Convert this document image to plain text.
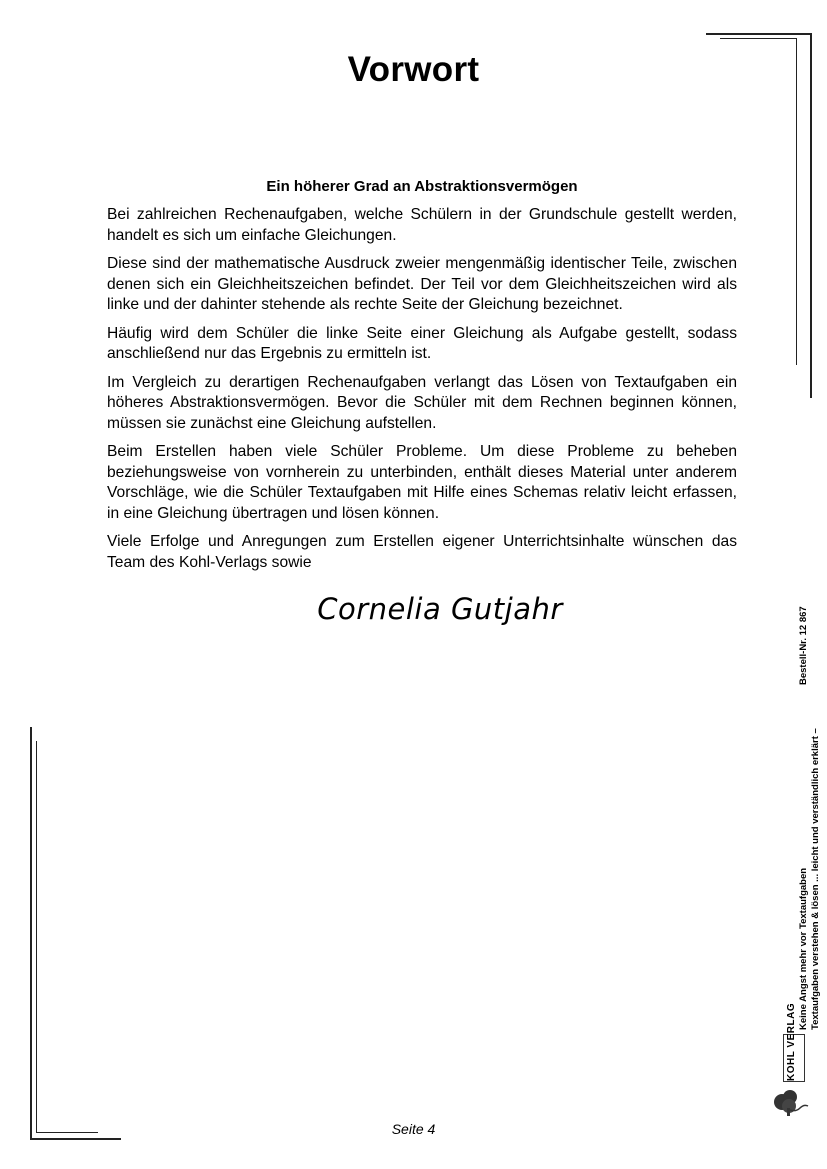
Vorwort
Ein höherer Grad an Abstraktionsvermögen

Bei zahlreichen Rechenaufgaben, welche Schülern in der Grundschule gestellt werden, handelt es sich um einfache Gleichungen.

Diese sind der mathematische Ausdruck zweier mengenmäßig identischer Teile, zwischen denen sich ein Gleichheitszeichen befindet. Der Teil vor dem Gleichheitszeichen wird als linke und der dahinter stehende als rechte Seite der Gleichung bezeichnet.

Häufig wird dem Schüler die linke Seite einer Gleichung als Aufgabe gestellt, sodass anschließend nur das Ergebnis zu ermitteln ist.

Im Vergleich zu derartigen Rechenaufgaben verlangt das Lösen von Textaufgaben ein höheres Abstraktionsvermögen. Bevor die Schüler mit dem Rechnen beginnen können, müssen sie zunächst eine Gleichung aufstellen.

Beim Erstellen haben viele Schüler Probleme. Um diese Probleme zu beheben beziehungsweise von vornherein zu unterbinden, enthält dieses Material unter anderem Vorschläge, wie die Schüler Textaufgaben mit Hilfe eines Schemas relativ leicht erfassen, in eine Gleichung übertragen und lösen können.

Viele Erfolge und Anregungen zum Erstellen eigener Unterrichtsinhalte wünschen das Team des Kohl-Verlags sowie

Cornelia Gutjahr
Keine Angst mehr vor Textaufgaben Textaufgaben verstehen & lösen ... leicht und verständlich erklärt –
Bestell-Nr. 12 867
KOHL VERLAG
Seite 4
